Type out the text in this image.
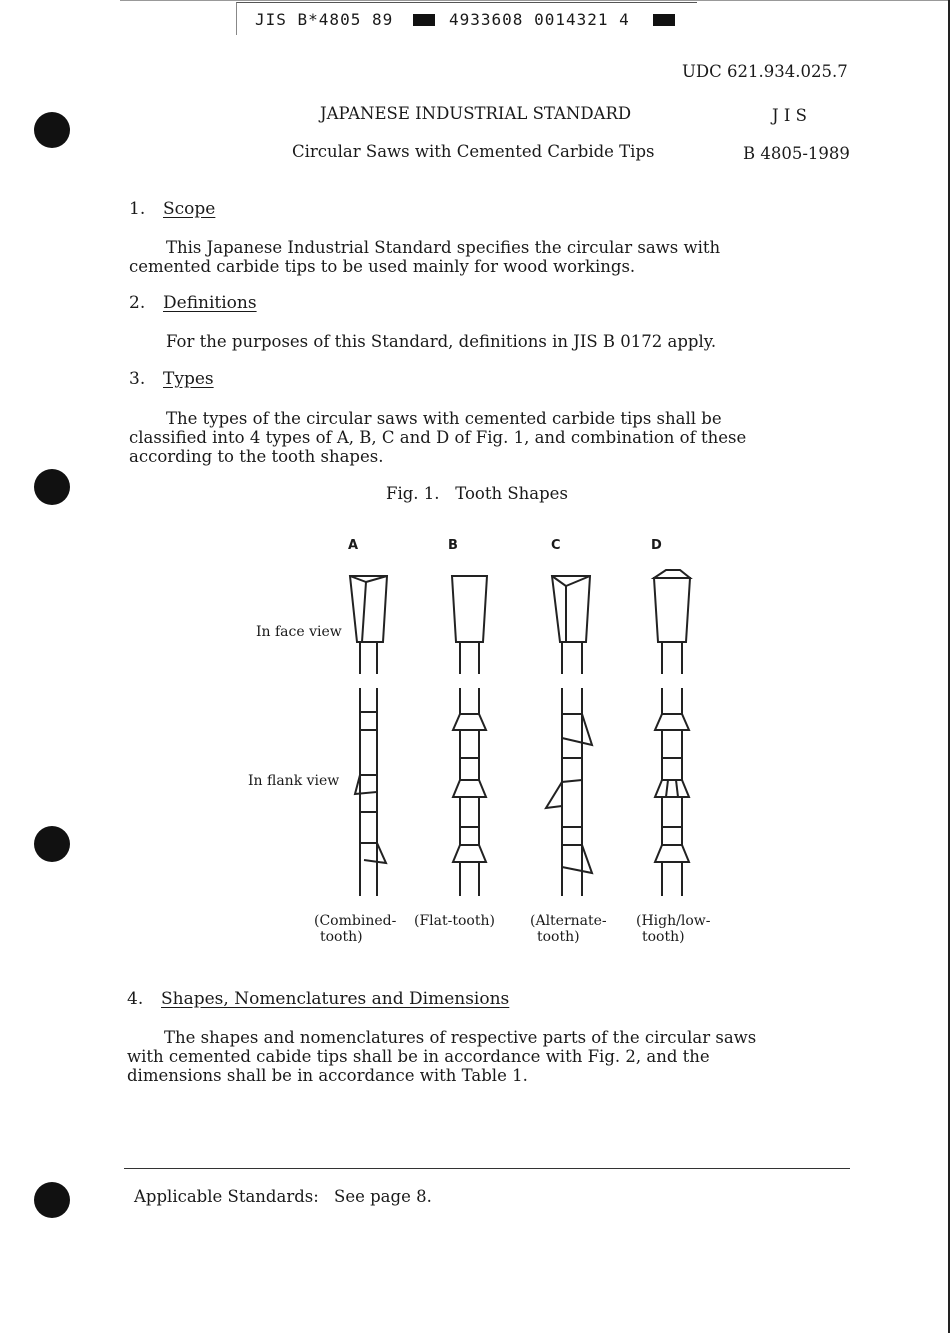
JIS B*4805 89	4933608 0014321 4
UDC 621.934.025.7
JAPANESE INDUSTRIAL STANDARD	J I S
Circular Saws with Cemented Carbide Tips	B 4805-1989
1. Scope
This Japanese Industrial Standard specifies the circular saws with
cemented carbide tips to be used mainly for wood workings.
2. Definitions
For the purposes of this Standard, definitions in JIS B 0172 apply.
3. Types
The types of the circular saws with cemented carbide tips shall be
classified into 4 types of A, B, C and D of Fig. 1, and combination of these
according to the tooth shapes.
Fig. 1.   Tooth Shapes
A	B	C	D
In face view
In flank view
(Combined-
tooth)
(Flat-tooth)	(Alternate-
tooth)
(High/low-
tooth)
4. Shapes, Nomenclatures and Dimensions
The shapes and nomenclatures of respective parts of the circular saws
with cemented cabide tips shall be in accordance with Fig. 2, and the
dimensions shall be in accordance with Table 1.
Applicable Standards: See page 8.
